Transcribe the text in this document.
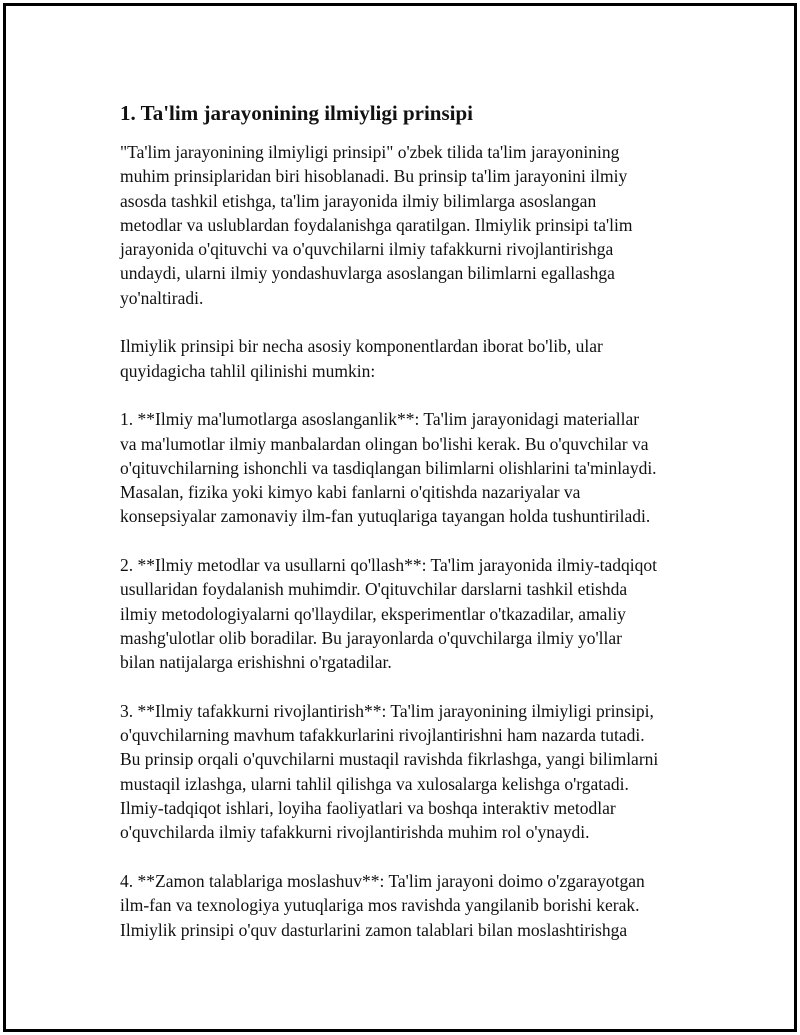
1. Ta'lim jarayonining ilmiyligi prinsipi

"Ta'lim jarayonining ilmiyligi prinsipi" o'zbek tilida ta'lim jarayonining
muhim prinsiplaridan biri hisoblanadi. Bu prinsip ta'lim jarayonini ilmiy
asosda tashkil etishga, ta'lim jarayonida ilmiy bilimlarga asoslangan
metodlar va uslublardan foydalanishga qaratilgan. Ilmiylik prinsipi ta'lim
jarayonida o'qituvchi va o'quvchilarni ilmiy tafakkurni rivojlantirishga
undaydi, ularni ilmiy yondashuvlarga asoslangan bilimlarni egallashga
yo'naltiradi.

Ilmiylik prinsipi bir necha asosiy komponentlardan iborat bo'lib, ular
quyidagicha tahlil qilinishi mumkin:

1. **Ilmiy ma'lumotlarga asoslanganlik**: Ta'lim jarayonidagi materiallar
va ma'lumotlar ilmiy manbalardan olingan bo'lishi kerak. Bu o'quvchilar va
o'qituvchilarning ishonchli va tasdiqlangan bilimlarni olishlarini ta'minlaydi.
Masalan, fizika yoki kimyo kabi fanlarni o'qitishda nazariyalar va
konsepsiyalar zamonaviy ilm-fan yutuqlariga tayangan holda tushuntiriladi.

2. **Ilmiy metodlar va usullarni qo'llash**: Ta'lim jarayonida ilmiy-tadqiqot
usullaridan foydalanish muhimdir. O'qituvchilar darslarni tashkil etishda
ilmiy metodologiyalarni qo'llaydilar, eksperimentlar o'tkazadilar, amaliy
mashg'ulotlar olib boradilar. Bu jarayonlarda o'quvchilarga ilmiy yo'llar
bilan natijalarga erishishni o'rgatadilar.

3. **Ilmiy tafakkurni rivojlantirish**: Ta'lim jarayonining ilmiyligi prinsipi,
o'quvchilarning mavhum tafakkurlarini rivojlantirishni ham nazarda tutadi.
Bu prinsip orqali o'quvchilarni mustaqil ravishda fikrlashga, yangi bilimlarni
mustaqil izlashga, ularni tahlil qilishga va xulosalarga kelishga o'rgatadi.
Ilmiy-tadqiqot ishlari, loyiha faoliyatlari va boshqa interaktiv metodlar
o'quvchilarda ilmiy tafakkurni rivojlantirishda muhim rol o'ynaydi.

4. **Zamon talablariga moslashuv**: Ta'lim jarayoni doimo o'zgarayotgan
ilm-fan va texnologiya yutuqlariga mos ravishda yangilanib borishi kerak.
Ilmiylik prinsipi o'quv dasturlarini zamon talablari bilan moslashtirishga
